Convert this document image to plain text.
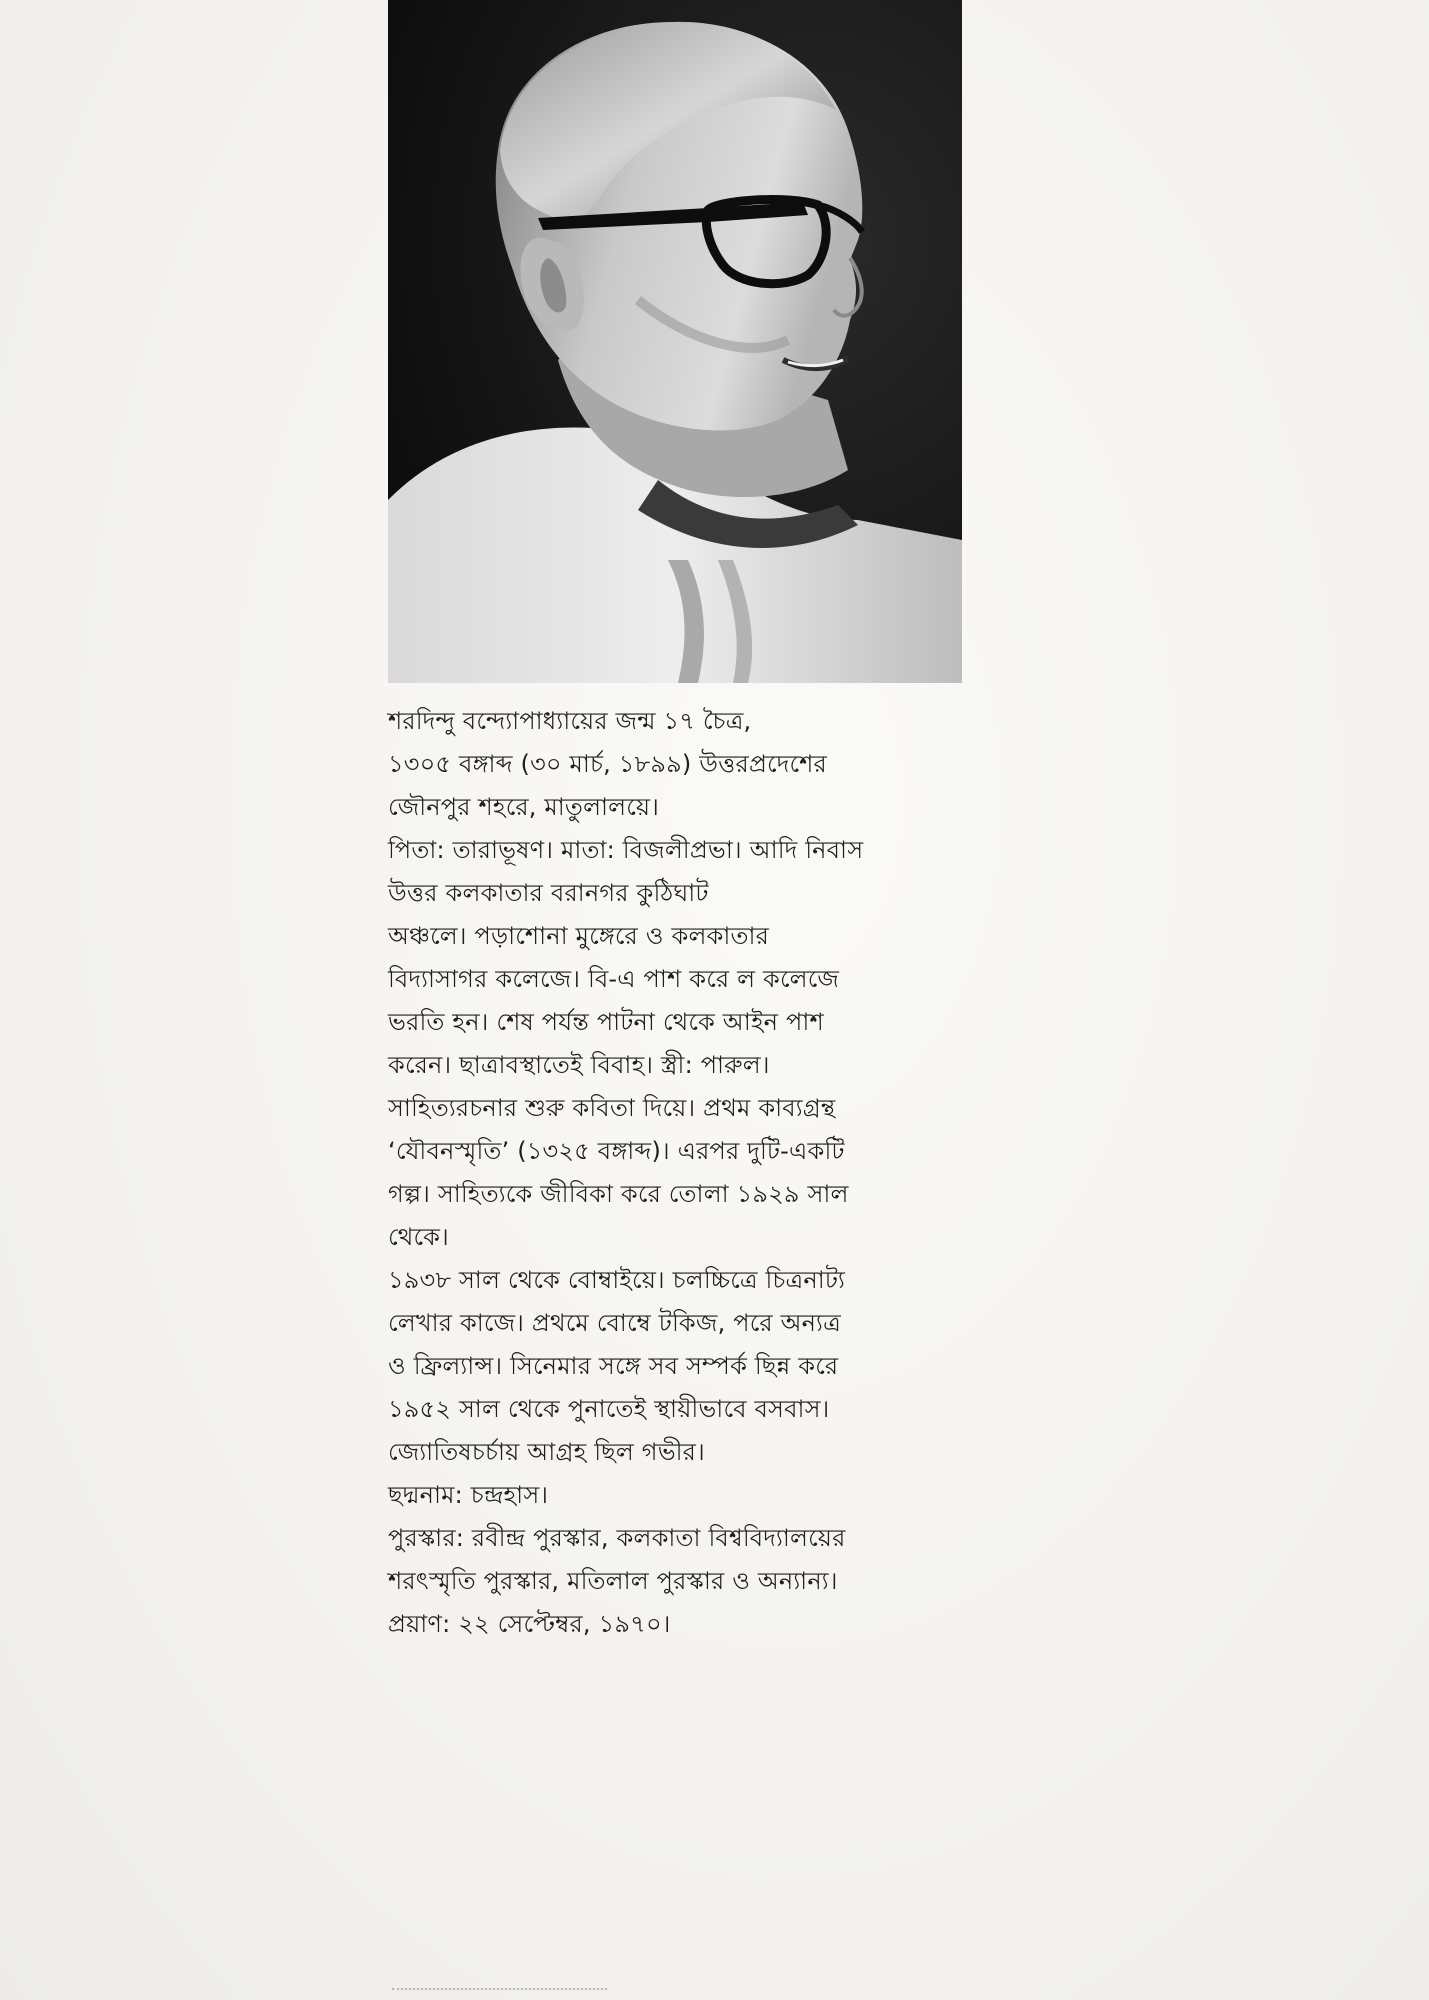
শরদিন্দু বন্দ্যোপাধ্যায়ের জন্ম ১৭ চৈত্র,
১৩০৫ বঙ্গাব্দ (৩০ মার্চ, ১৮৯৯) উত্তরপ্রদেশের
জৌনপুর শহরে, মাতুলালয়ে।
পিতা: তারাভূষণ। মাতা: বিজলীপ্রভা। আদি নিবাস
উত্তর কলকাতার বরানগর কুঠিঘাট
অঞ্চলে। পড়াশোনা মুঙ্গেরে ও কলকাতার
বিদ্যাসাগর কলেজে। বি-এ পাশ করে ল কলেজে
ভরতি হন। শেষ পর্যন্ত পাটনা থেকে আইন পাশ
করেন। ছাত্রাবস্থাতেই বিবাহ। স্ত্রী: পারুল।
সাহিত্যরচনার শুরু কবিতা দিয়ে। প্রথম কাব্যগ্রন্থ
‘যৌবনস্মৃতি’ (১৩২৫ বঙ্গাব্দ)। এরপর দুটি-একটি
গল্প। সাহিত্যকে জীবিকা করে তোলা ১৯২৯ সাল
থেকে।
১৯৩৮ সাল থেকে বোম্বাইয়ে। চলচ্চিত্রে চিত্রনাট্য
লেখার কাজে। প্রথমে বোম্বে টকিজ, পরে অন্যত্র
ও ফ্রিল্যান্স। সিনেমার সঙ্গে সব সম্পর্ক ছিন্ন করে
১৯৫২ সাল থেকে পুনাতেই স্থায়ীভাবে বসবাস।
জ্যোতিষচর্চায় আগ্রহ ছিল গভীর।
ছদ্মনাম: চন্দ্রহাস।
পুরস্কার: রবীন্দ্র পুরস্কার, কলকাতা বিশ্ববিদ্যালয়ের
শরৎস্মৃতি পুরস্কার, মতিলাল পুরস্কার ও অন্যান্য।
প্রয়াণ: ২২ সেপ্টেম্বর, ১৯৭০।
